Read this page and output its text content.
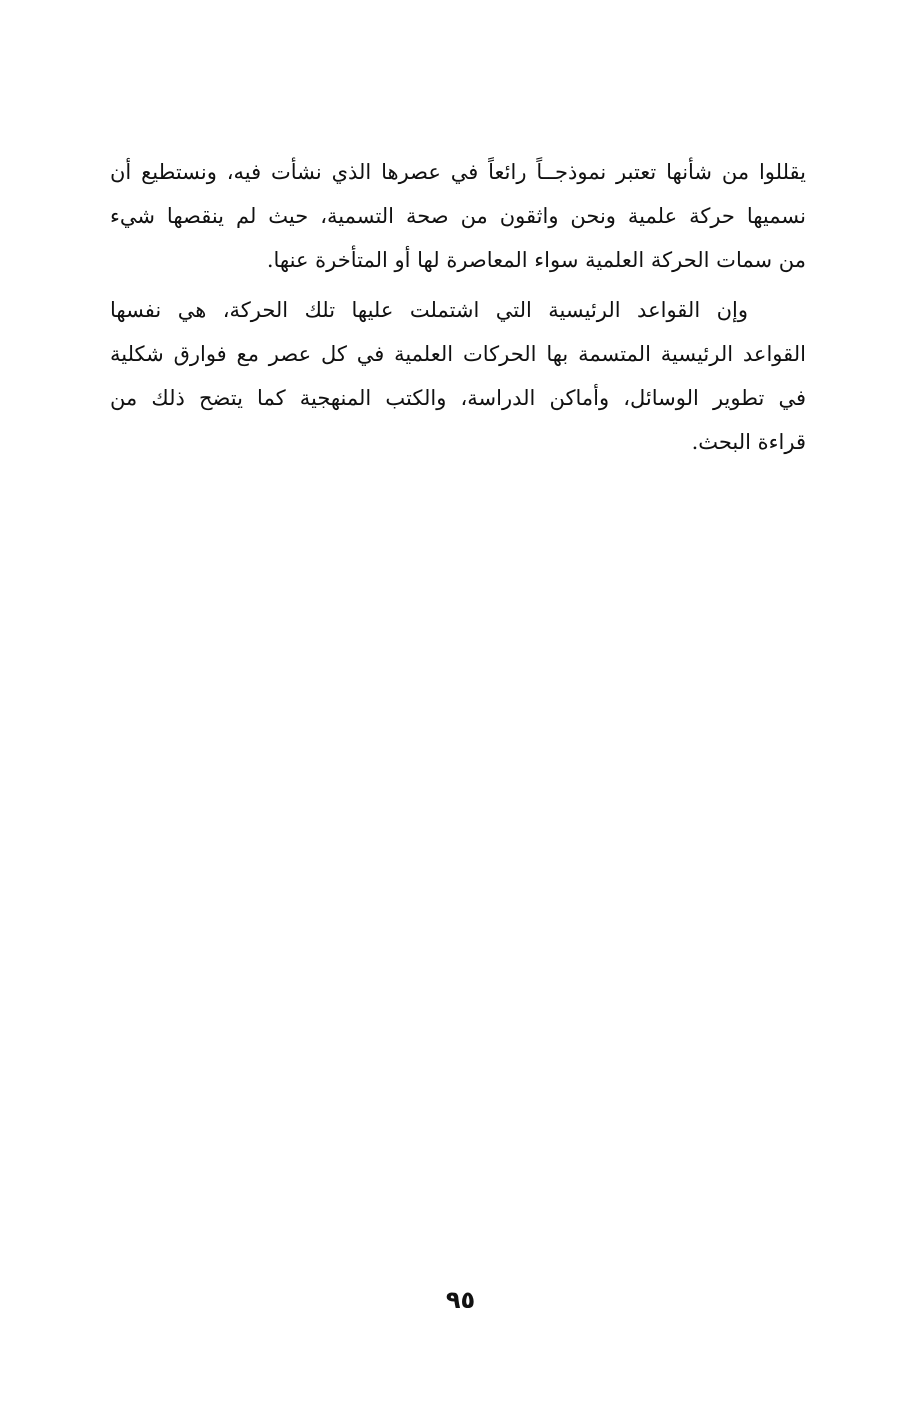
يقللوا من شأنها تعتبر نموذجــاً رائعاً في عصرها الذي نشأت فيه، ونستطيع أن
نسميها حركة علمية ونحن واثقون من صحة التسمية، حيث لم ينقصها شيء
من سمات الحركة العلمية سواء المعاصرة لها أو المتأخرة عنها.

وإن القواعد الرئيسية التي اشتملت عليها تلك الحركة، هي نفسها
القواعد الرئيسية المتسمة بها الحركات العلمية في كل عصر مع فوارق شكلية
في تطوير الوسائل، وأماكن الدراسة، والكتب المنهجية كما يتضح ذلك من
قراءة البحث.

٩٥
